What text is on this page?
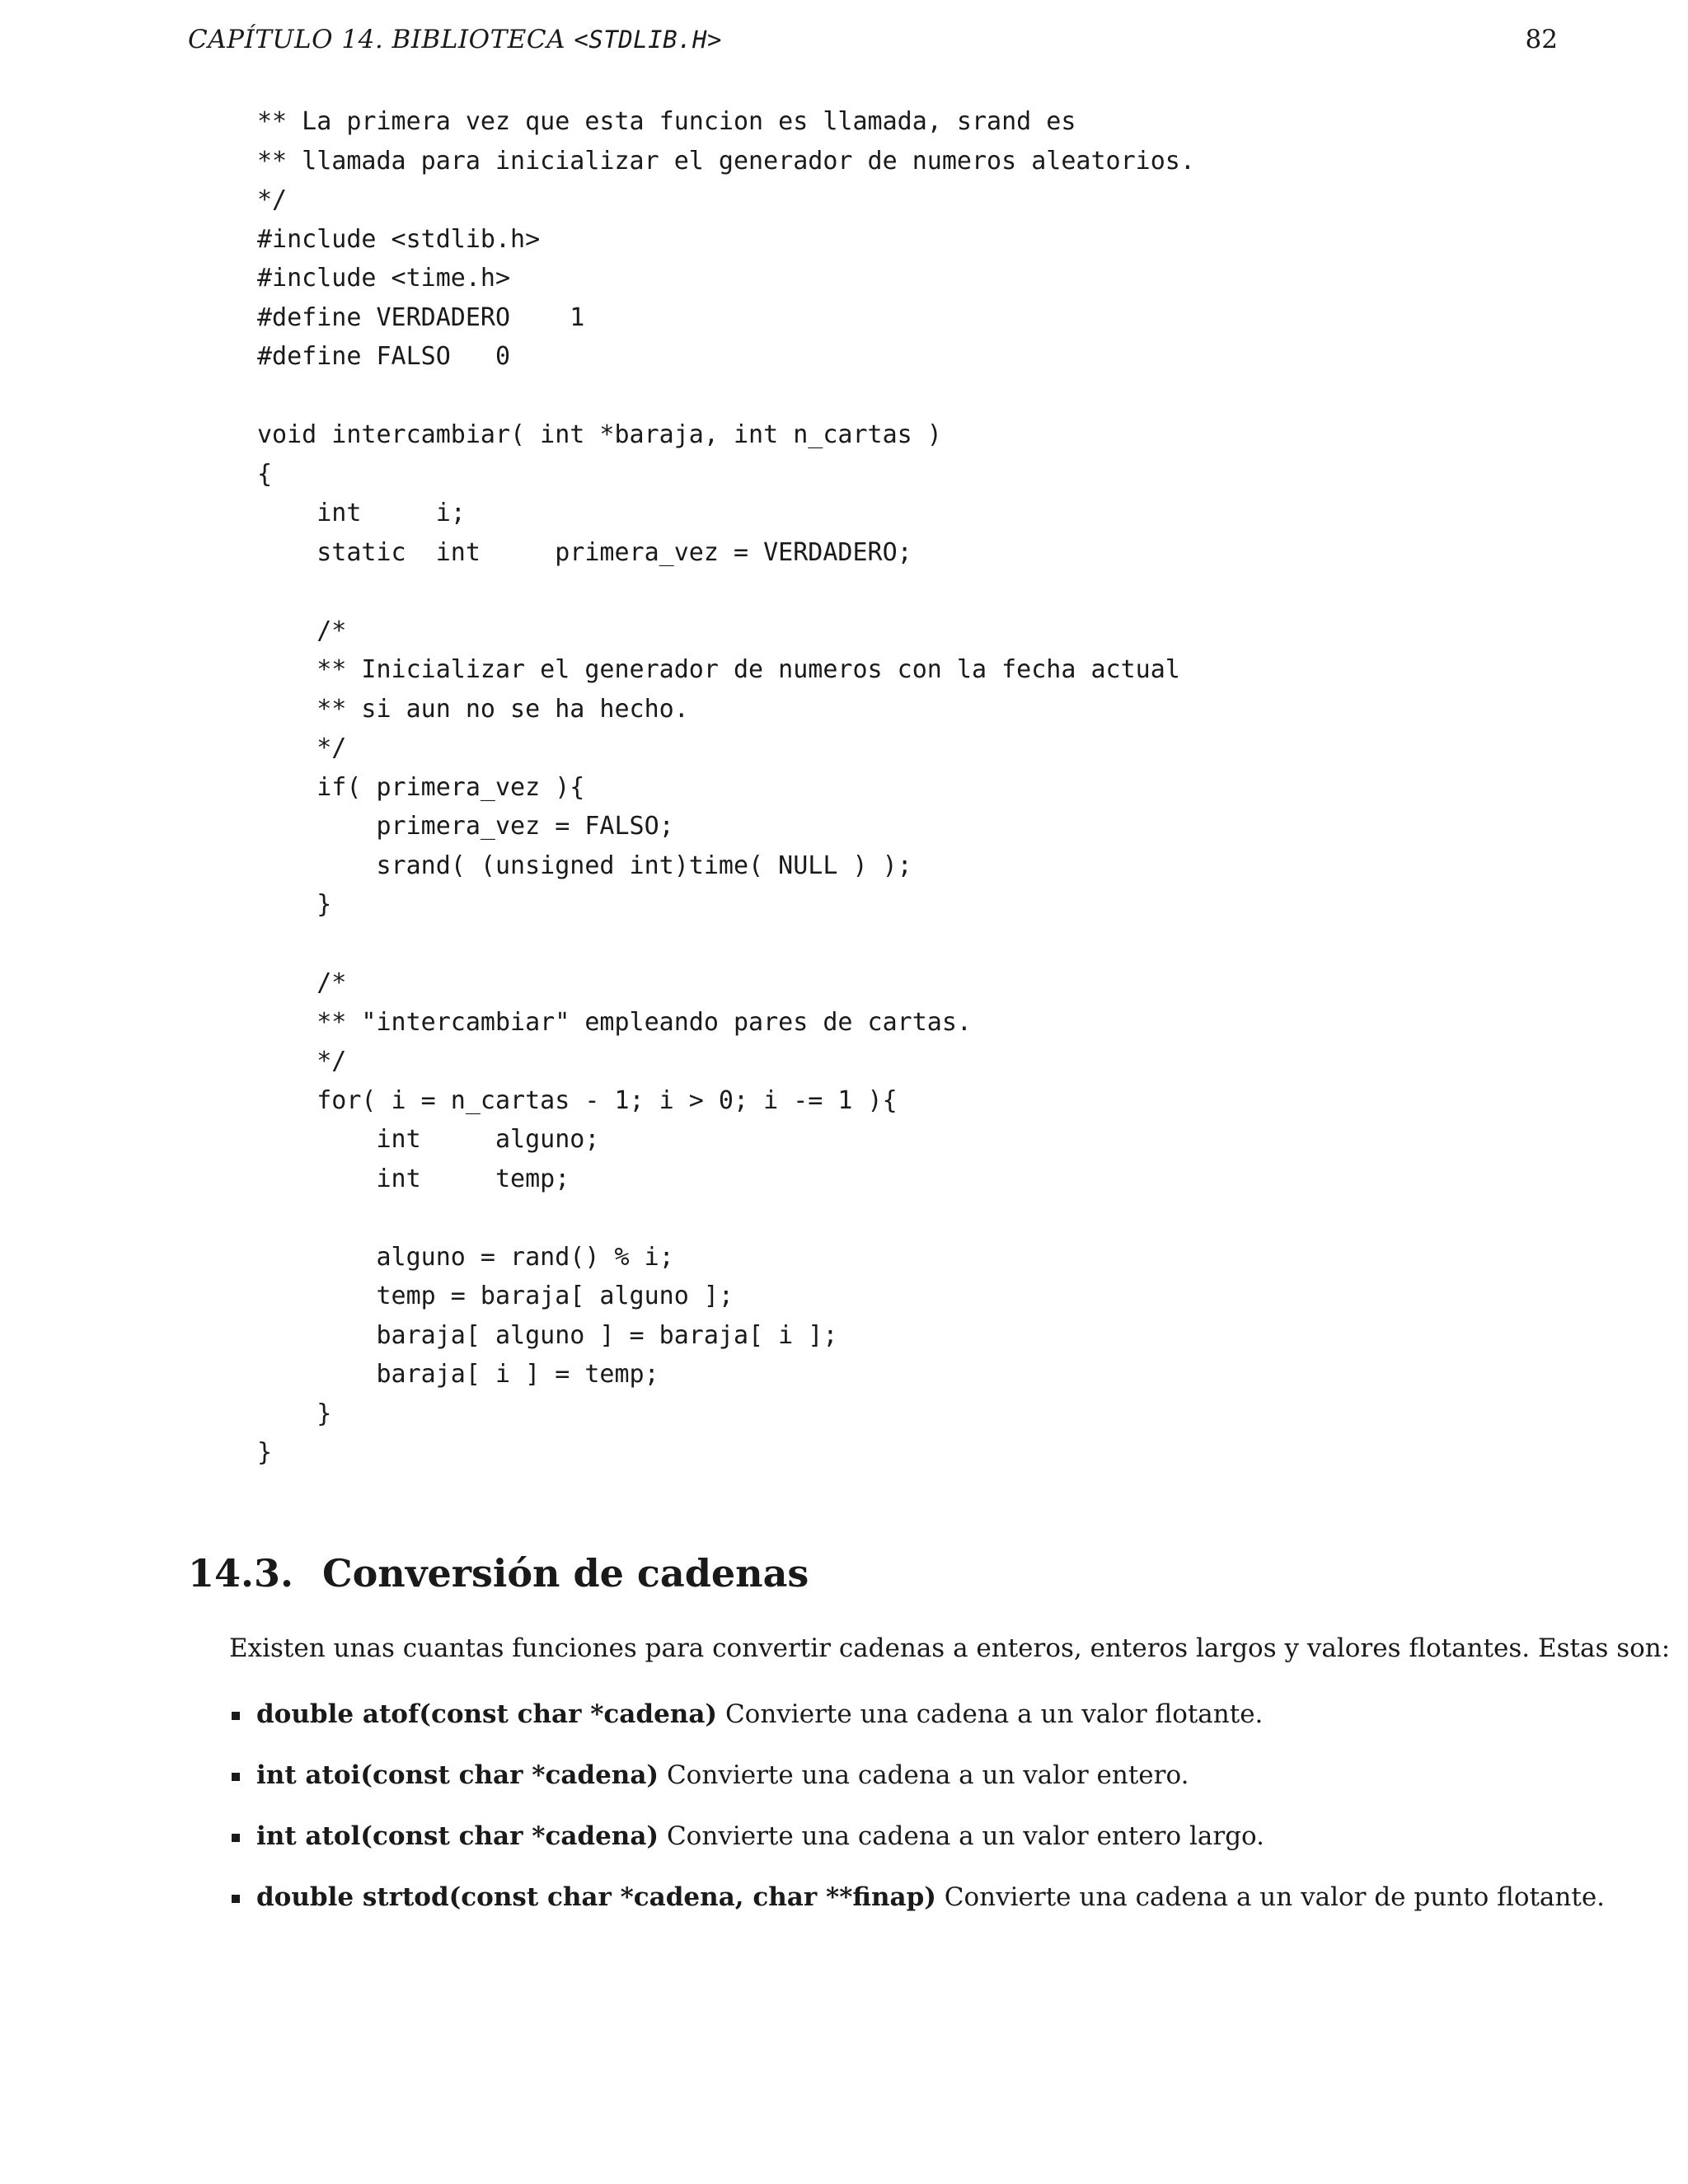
CAPÍTULO 14. BIBLIOTECA <STDLIB.H>	82
** La primera vez que esta funcion es llamada, srand es
** llamada para inicializar el generador de numeros aleatorios.
*/
#include <stdlib.h>
#include <time.h>
#define VERDADERO    1
#define FALSO   0
void intercambiar( int *baraja, int n_cartas )
{
int     i;
static  int     primera_vez = VERDADERO;
/*
** Inicializar el generador de numeros con la fecha actual
** si aun no se ha hecho.
*/
if( primera_vez ){
primera_vez = FALSO;
srand( (unsigned int)time( NULL ) );
}
/*
** "intercambiar" empleando pares de cartas.
*/
for( i = n_cartas - 1; i > 0; i -= 1 ){
int     alguno;
int     temp;
alguno = rand() % i;
temp = baraja[ alguno ];
baraja[ alguno ] = baraja[ i ];
baraja[ i ] = temp;
}
}
14.3. Conversión de cadenas

Existen unas cuantas funciones para convertir cadenas a enteros, enteros largos y valores flotantes. Estas son:

double atof(const char *cadena) Convierte una cadena a un valor flotante.
int atoi(const char *cadena) Convierte una cadena a un valor entero.
int atol(const char *cadena) Convierte una cadena a un valor entero largo.
double strtod(const char *cadena, char **finap) Convierte una cadena a un valor de punto flotante.
